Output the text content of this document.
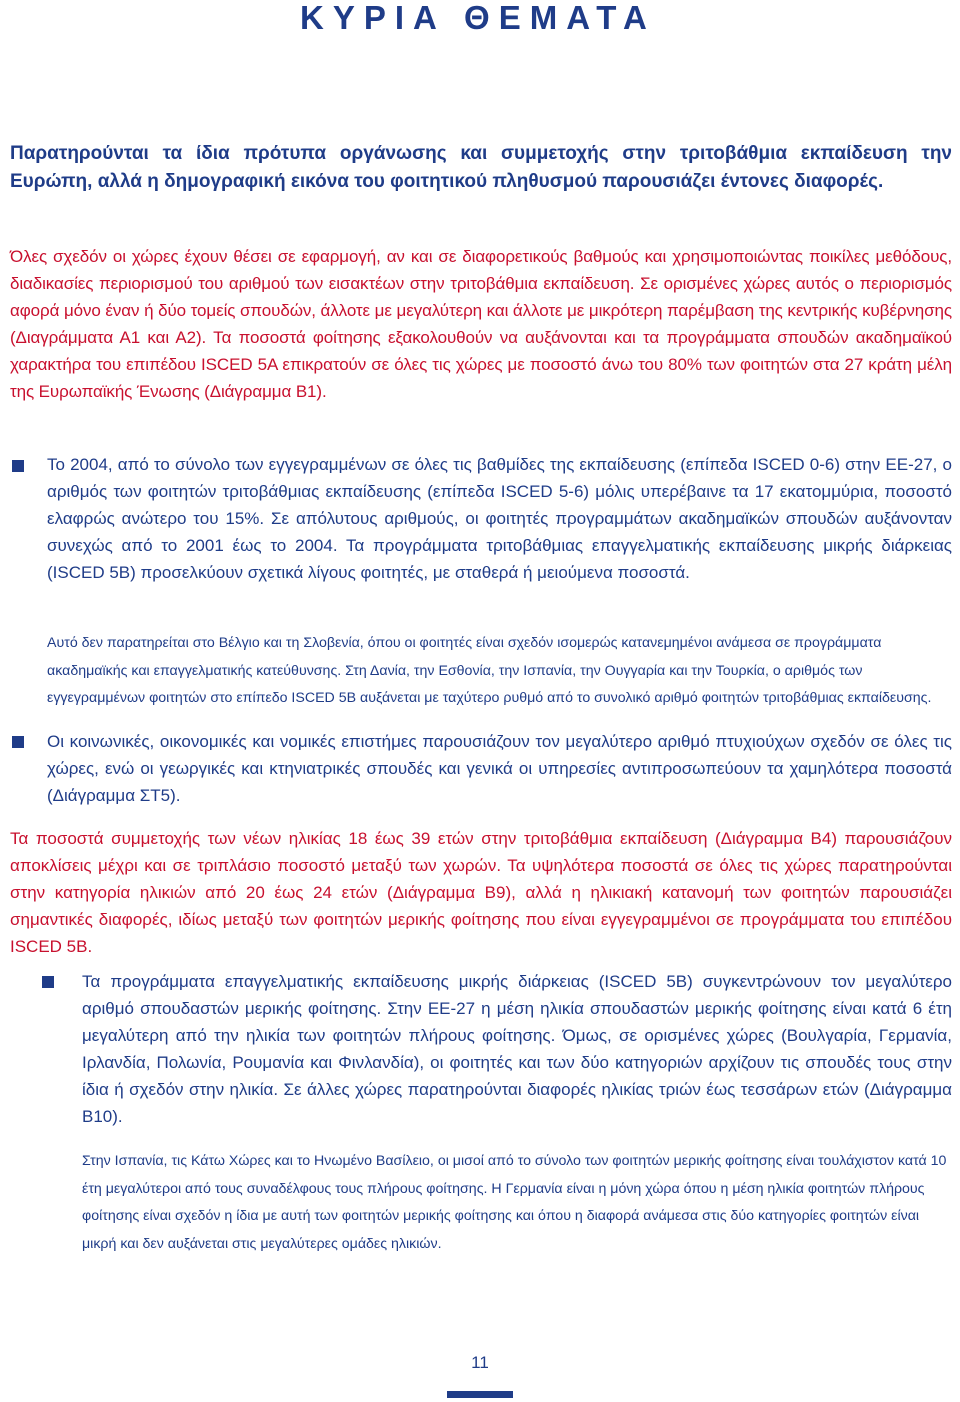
ΚΥΡΙΑ ΘΕΜΑΤΑ

Παρατηρούνται τα ίδια πρότυπα οργάνωσης και συμμετοχής στην τριτοβάθμια εκπαίδευση την Ευρώπη, αλλά η δημογραφική εικόνα του φοιτητικού πληθυσμού παρουσιάζει έντονες διαφορές.

Όλες σχεδόν οι χώρες έχουν θέσει σε εφαρμογή, αν και σε διαφορετικούς βαθμούς και χρησιμοποιώντας ποικίλες μεθόδους, διαδικασίες περιορισμού του αριθμού των εισακτέων στην τριτοβάθμια εκπαίδευση. Σε ορισμένες χώρες αυτός ο περιορισμός αφορά μόνο έναν ή δύο τομείς σπουδών, άλλοτε με μεγαλύτερη και άλλοτε με μικρότερη παρέμβαση της κεντρικής κυβέρνησης (Διαγράμματα Α1 και Α2). Τα ποσοστά φοίτησης εξακολουθούν να αυξάνονται και τα προγράμματα σπουδών ακαδημαϊκού χαρακτήρα του επιπέδου ISCED 5A επικρατούν σε όλες τις χώρες με ποσοστό άνω του 80% των φοιτητών στα 27 κράτη μέλη της Ευρωπαϊκής Ένωσης (Διάγραμμα Β1).

Το 2004, από το σύνολο των εγγεγραμμένων σε όλες τις βαθμίδες της εκπαίδευσης (επίπεδα ISCED 0-6) στην ΕΕ-27, ο αριθμός των φοιτητών τριτοβάθμιας εκπαίδευσης (επίπεδα ISCED 5-6) μόλις υπερέβαινε τα 17 εκατομμύρια, ποσοστό ελαφρώς ανώτερο του 15%. Σε απόλυτους αριθμούς, οι φοιτητές προγραμμάτων ακαδημαϊκών σπουδών αυξάνονταν συνεχώς από το 2001 έως το 2004. Τα προγράμματα τριτοβάθμιας επαγγελματικής εκπαίδευσης μικρής διάρκειας (ISCED 5B) προσελκύουν σχετικά λίγους φοιτητές, με σταθερά ή μειούμενα ποσοστά.

Αυτό δεν παρατηρείται στο Βέλγιο και τη Σλοβενία, όπου οι φοιτητές είναι σχεδόν ισομερώς κατανεμημένοι ανάμεσα σε προγράμματα ακαδημαϊκής και επαγγελματικής κατεύθυνσης. Στη Δανία, την Εσθονία, την Ισπανία, την Ουγγαρία και την Τουρκία, ο αριθμός των εγγεγραμμένων φοιτητών στο επίπεδο ISCED 5B αυξάνεται με ταχύτερο ρυθμό από το συνολικό αριθμό φοιτητών τριτοβάθμιας εκπαίδευσης.

Οι κοινωνικές, οικονομικές και νομικές επιστήμες παρουσιάζουν τον μεγαλύτερο αριθμό πτυχιούχων σχεδόν σε όλες τις χώρες, ενώ οι γεωργικές και κτηνιατρικές σπουδές και γενικά οι υπηρεσίες αντιπροσωπεύουν τα χαμηλότερα ποσοστά (Διάγραμμα ΣΤ5).

Τα ποσοστά συμμετοχής των νέων ηλικίας 18 έως 39 ετών στην τριτοβάθμια εκπαίδευση (Διάγραμμα Β4) παρουσιάζουν αποκλίσεις μέχρι και σε τριπλάσιο ποσοστό μεταξύ των χωρών. Τα υψηλότερα ποσοστά σε όλες τις χώρες παρατηρούνται στην κατηγορία ηλικιών από 20 έως 24 ετών (Διάγραμμα Β9), αλλά η ηλικιακή κατανομή των φοιτητών παρουσιάζει σημαντικές διαφορές, ιδίως μεταξύ των φοιτητών μερικής φοίτησης που είναι εγγεγραμμένοι σε προγράμματα του επιπέδου ISCED 5B.

Τα προγράμματα επαγγελματικής εκπαίδευσης μικρής διάρκειας (ISCED 5B) συγκεντρώνουν τον μεγαλύτερο αριθμό σπουδαστών μερικής φοίτησης. Στην ΕΕ-27 η μέση ηλικία σπουδαστών μερικής φοίτησης είναι κατά 6 έτη μεγαλύτερη από την ηλικία των φοιτητών πλήρους φοίτησης. Όμως, σε ορισμένες χώρες (Βουλγαρία, Γερμανία, Ιρλανδία, Πολωνία, Ρουμανία και Φινλανδία), οι φοιτητές και των δύο κατηγοριών αρχίζουν τις σπουδές τους στην ίδια ή σχεδόν στην ηλικία. Σε άλλες χώρες παρατηρούνται διαφορές ηλικίας τριών έως τεσσάρων ετών (Διάγραμμα Β10).

Στην Ισπανία, τις Κάτω Χώρες και το Ηνωμένο Βασίλειο, οι μισοί από το σύνολο των φοιτητών μερικής φοίτησης είναι τουλάχιστον κατά 10 έτη μεγαλύτεροι από τους συναδέλφους τους πλήρους φοίτησης. Η Γερμανία είναι η μόνη χώρα όπου η μέση ηλικία φοιτητών πλήρους φοίτησης είναι σχεδόν η ίδια με αυτή των φοιτητών μερικής φοίτησης και όπου η διαφορά ανάμεσα στις δύο κατηγορίες φοιτητών είναι μικρή και δεν αυξάνεται στις μεγαλύτερες ομάδες ηλικιών.

11
